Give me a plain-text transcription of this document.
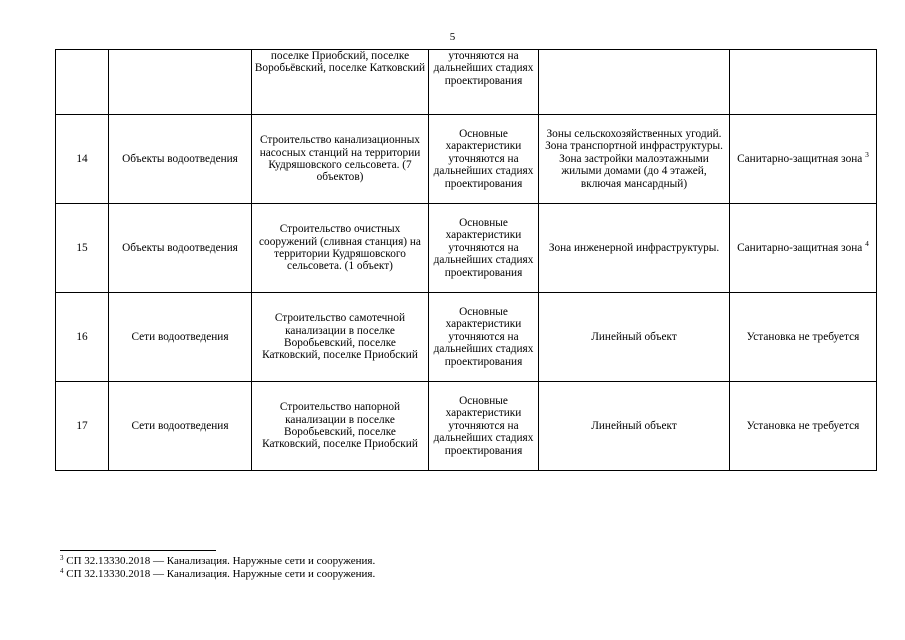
5
		поселке Приобский, поселке Воробьёвский, поселке Катковский	уточняются на дальнейших стадиях проектирования		
14	Объекты водоотведения	Строительство канализационных насосных станций на территории Кудряшовского сельсовета. (7 объектов)	Основные характеристики уточняются на дальнейших стадиях проектирования	Зоны сельскохозяйственных угодий. Зона транспортной инфраструктуры. Зона застройки малоэтажными жилыми домами (до 4 этажей, включая мансардный)	Санитарно-защитная зона $^3$
15	Объекты водоотведения	Строительство очистных сооружений (сливная станция) на территории Кудряшовского сельсовета. (1 объект)	Основные характеристики уточняются на дальнейших стадиях проектирования	Зона инженерной инфраструктуры.	Санитарно-защитная зона $^4$
16	Сети водоотведения	Строительство самотечной канализации в поселке Воробьевский, поселке Катковский, поселке Приобский	Основные характеристики уточняются на дальнейших стадиях проектирования	Линейный объект	Установка не требуется
17	Сети водоотведения	Строительство напорной канализации в поселке Воробьевский, поселке Катковский, поселке Приобский	Основные характеристики уточняются на дальнейших стадиях проектирования	Линейный объект	Установка не требуется
$^3$ СП 32.13330.2018 — Канализация. Наружные сети и сооружения.
$^4$ СП 32.13330.2018 — Канализация. Наружные сети и сооружения.
